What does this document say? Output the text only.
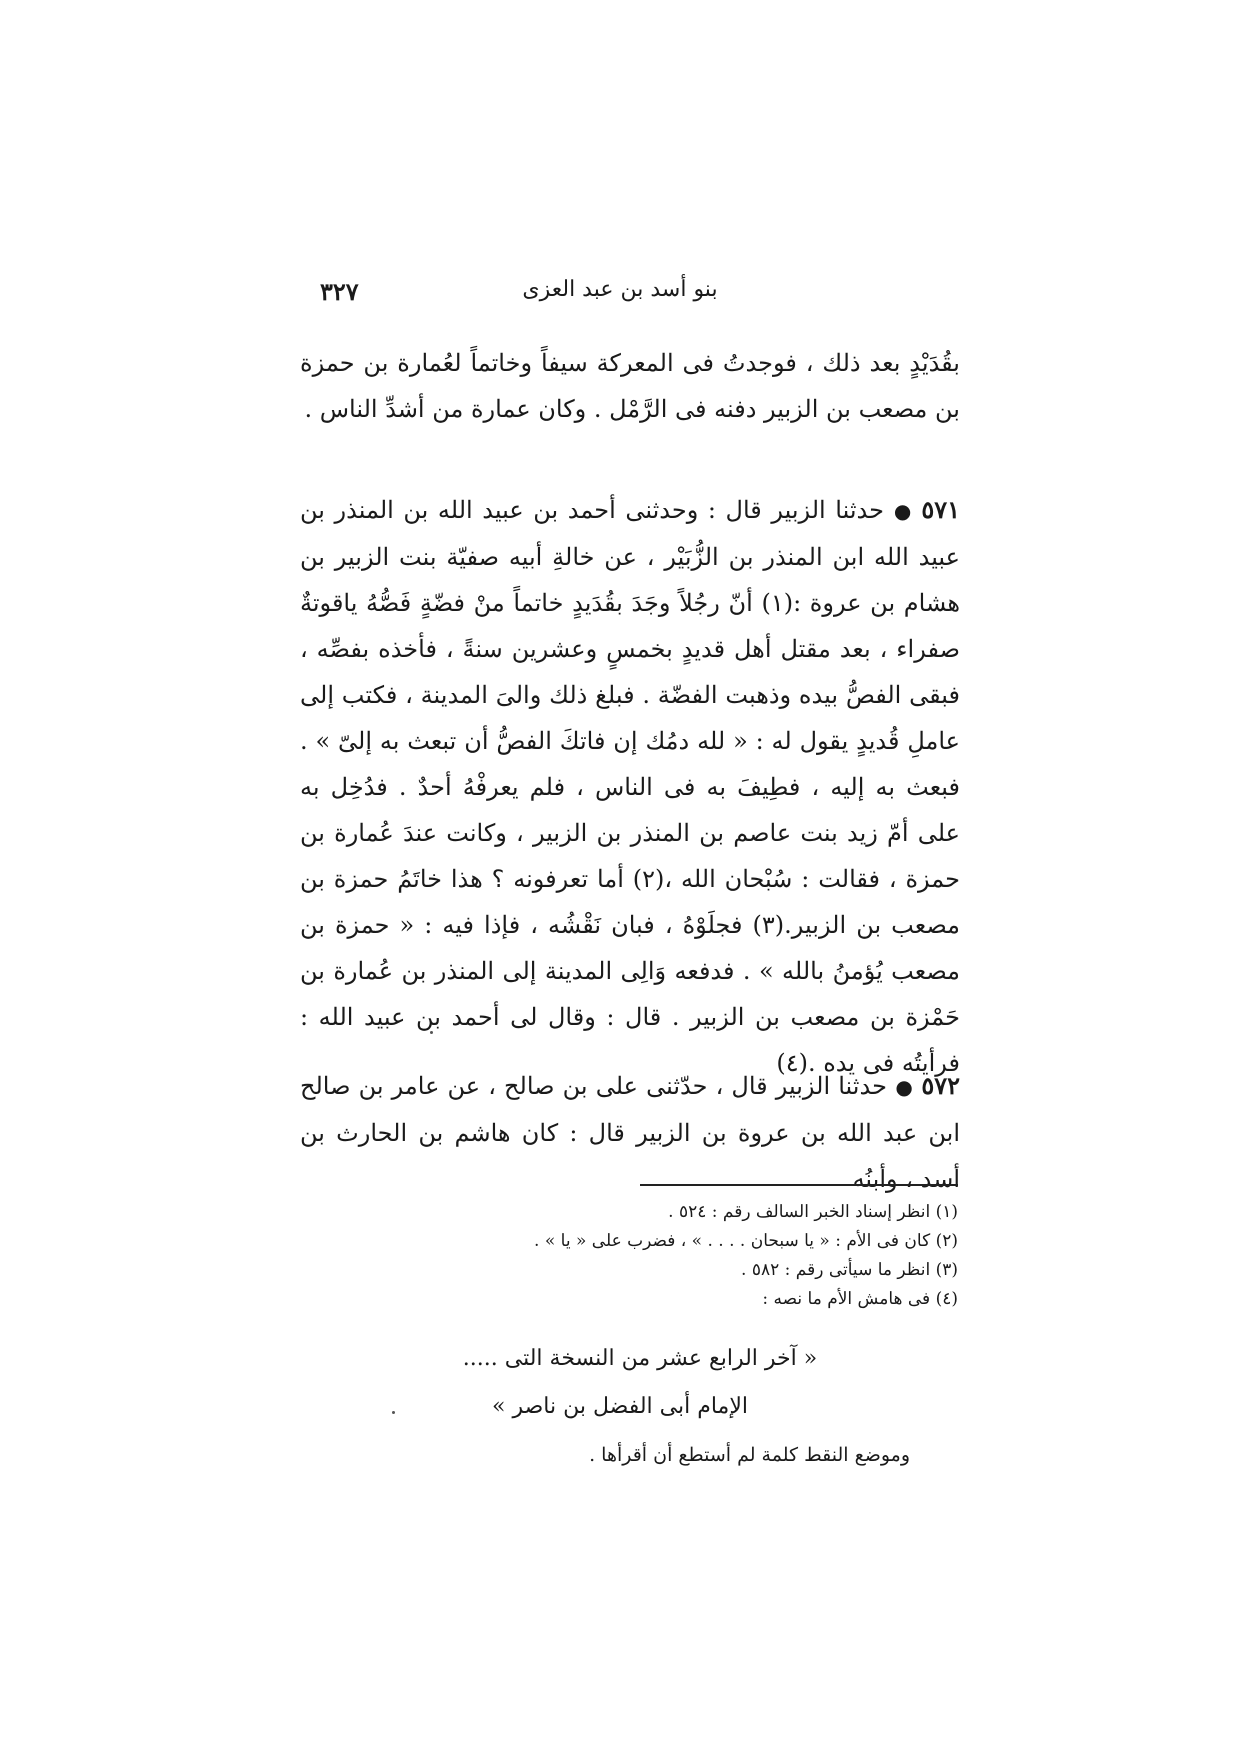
بنو أسد بن عبد العزى
٣٢٧
بقُدَيْدٍ بعد ذلك ، فوجدتُ فى المعركة سيفاً وخاتماً لعُمارة بن حمزة بن مصعب بن الزبير دفنه فى الرَّمْل . وكان عمارة من أشدِّ الناس .
٥٧١●حدثنا الزبير قال : وحدثنى أحمد بن عبيد الله بن المنذر بن عبيد الله ابن المنذر بن الزُّبَيْر ، عن خالةِ أبيه صفيّة بنت الزبير بن هشام بن عروة :(١) أنّ رجُلاً وجَدَ بقُدَيدٍ خاتماً منْ فضّةٍ فَصُّهُ ياقوتةٌ صفراء ، بعد مقتل أهل قديدٍ بخمسٍ وعشرين سنةً ، فأخذه بفصِّه ، فبقى الفصُّ بيده وذهبت الفضّة . فبلغ ذلك والىَ المدينة ، فكتب إلى عاملِ قُديدٍ يقول له : « لله دمُك إن فاتكَ الفصُّ أن تبعث به إلىّ » . فبعث به إليه ، فطِيفَ به فى الناس ، فلم يعرفْهُ أحدٌ . فدُخِل به على أمّ زيد بنت عاصم بن المنذر بن الزبير ، وكانت عندَ عُمارة بن حمزة ، فقالت : سُبْحان الله ،(٢) أما تعرفونه ؟ هذا خاتَمُ حمزة بن مصعب بن الزبير.(٣) فجلَوْهُ ، فبان نَقْشُه ، فإذا فيه : « حمزة بن مصعب يُؤمنُ بالله » . فدفعه وَالِى المدينة إلى المنذر بن عُمارة بن حَمْزة بن مصعب بن الزبير . قال : وقال لى أحمد بن عبيد الله : فرأيتُه فى يده .(٤)
٥٧٢●حدثنا الزبير قال ، حدّثنى على بن صالح ، عن عامر بن صالح ابن عبد الله بن عروة بن الزبير قال : كان هاشم بن الحارث بن أسد ، وأبنُه
(١) انظر إسناد الخبر السالف رقم : ٥٢٤ .
(٢) كان فى الأم : « يا سبحان . . . . » ، فضرب على « يا » .
(٣) انظر ما سيأتى رقم : ٥٨٢ .
(٤) فى هامش الأم ما نصه :
« آخر الرابع عشر من النسخة التى .....
الإمام أبى الفضل بن ناصر »
وموضع النقط كلمة لم أستطع أن أقرأها .
